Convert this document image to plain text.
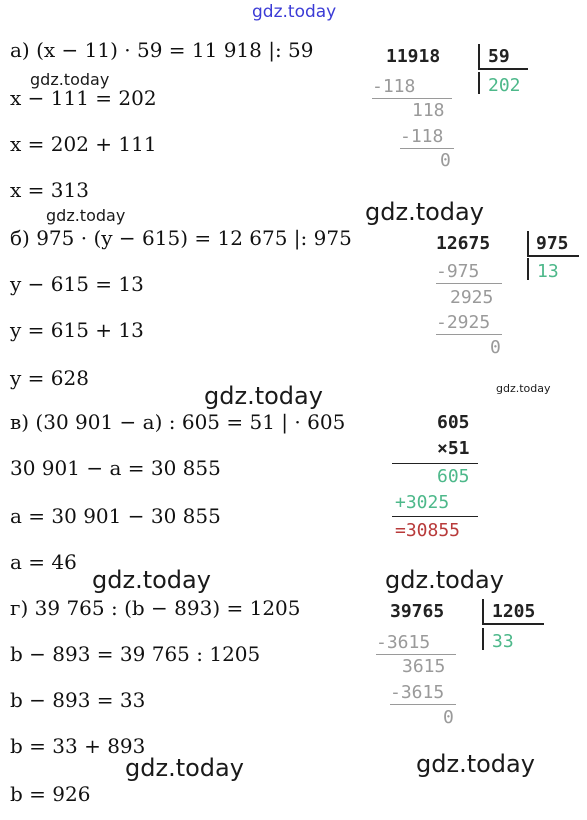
gdz.today
gdz.today
gdz.today	gdz.today
gdz.today	gdz.today
gdz.today	gdz.today
gdz.today	gdz.today
а) (x − 11) · 59 = 11 918 |: 59
x − 111 = 202
x = 202 + 111
x = 313
б) 975 · (y − 615) = 12 675 |: 975
y − 615 = 13
y = 615 + 13
y = 628
в) (30 901 − a) : 605 = 51 | · 605
30 901 − a = 30 855
a = 30 901 − 30 855
a = 46
г) 39 765 : (b − 893) = 1205
b − 893 = 39 765 : 1205
b − 893 = 33
b = 33 + 893
b = 926
11918	59
202
-118
118
-118
0
12675	975
13
-975
2925
-2925
0
605
×51
605
+3025
=30855
39765	1205
33
-3615
3615
-3615
0
